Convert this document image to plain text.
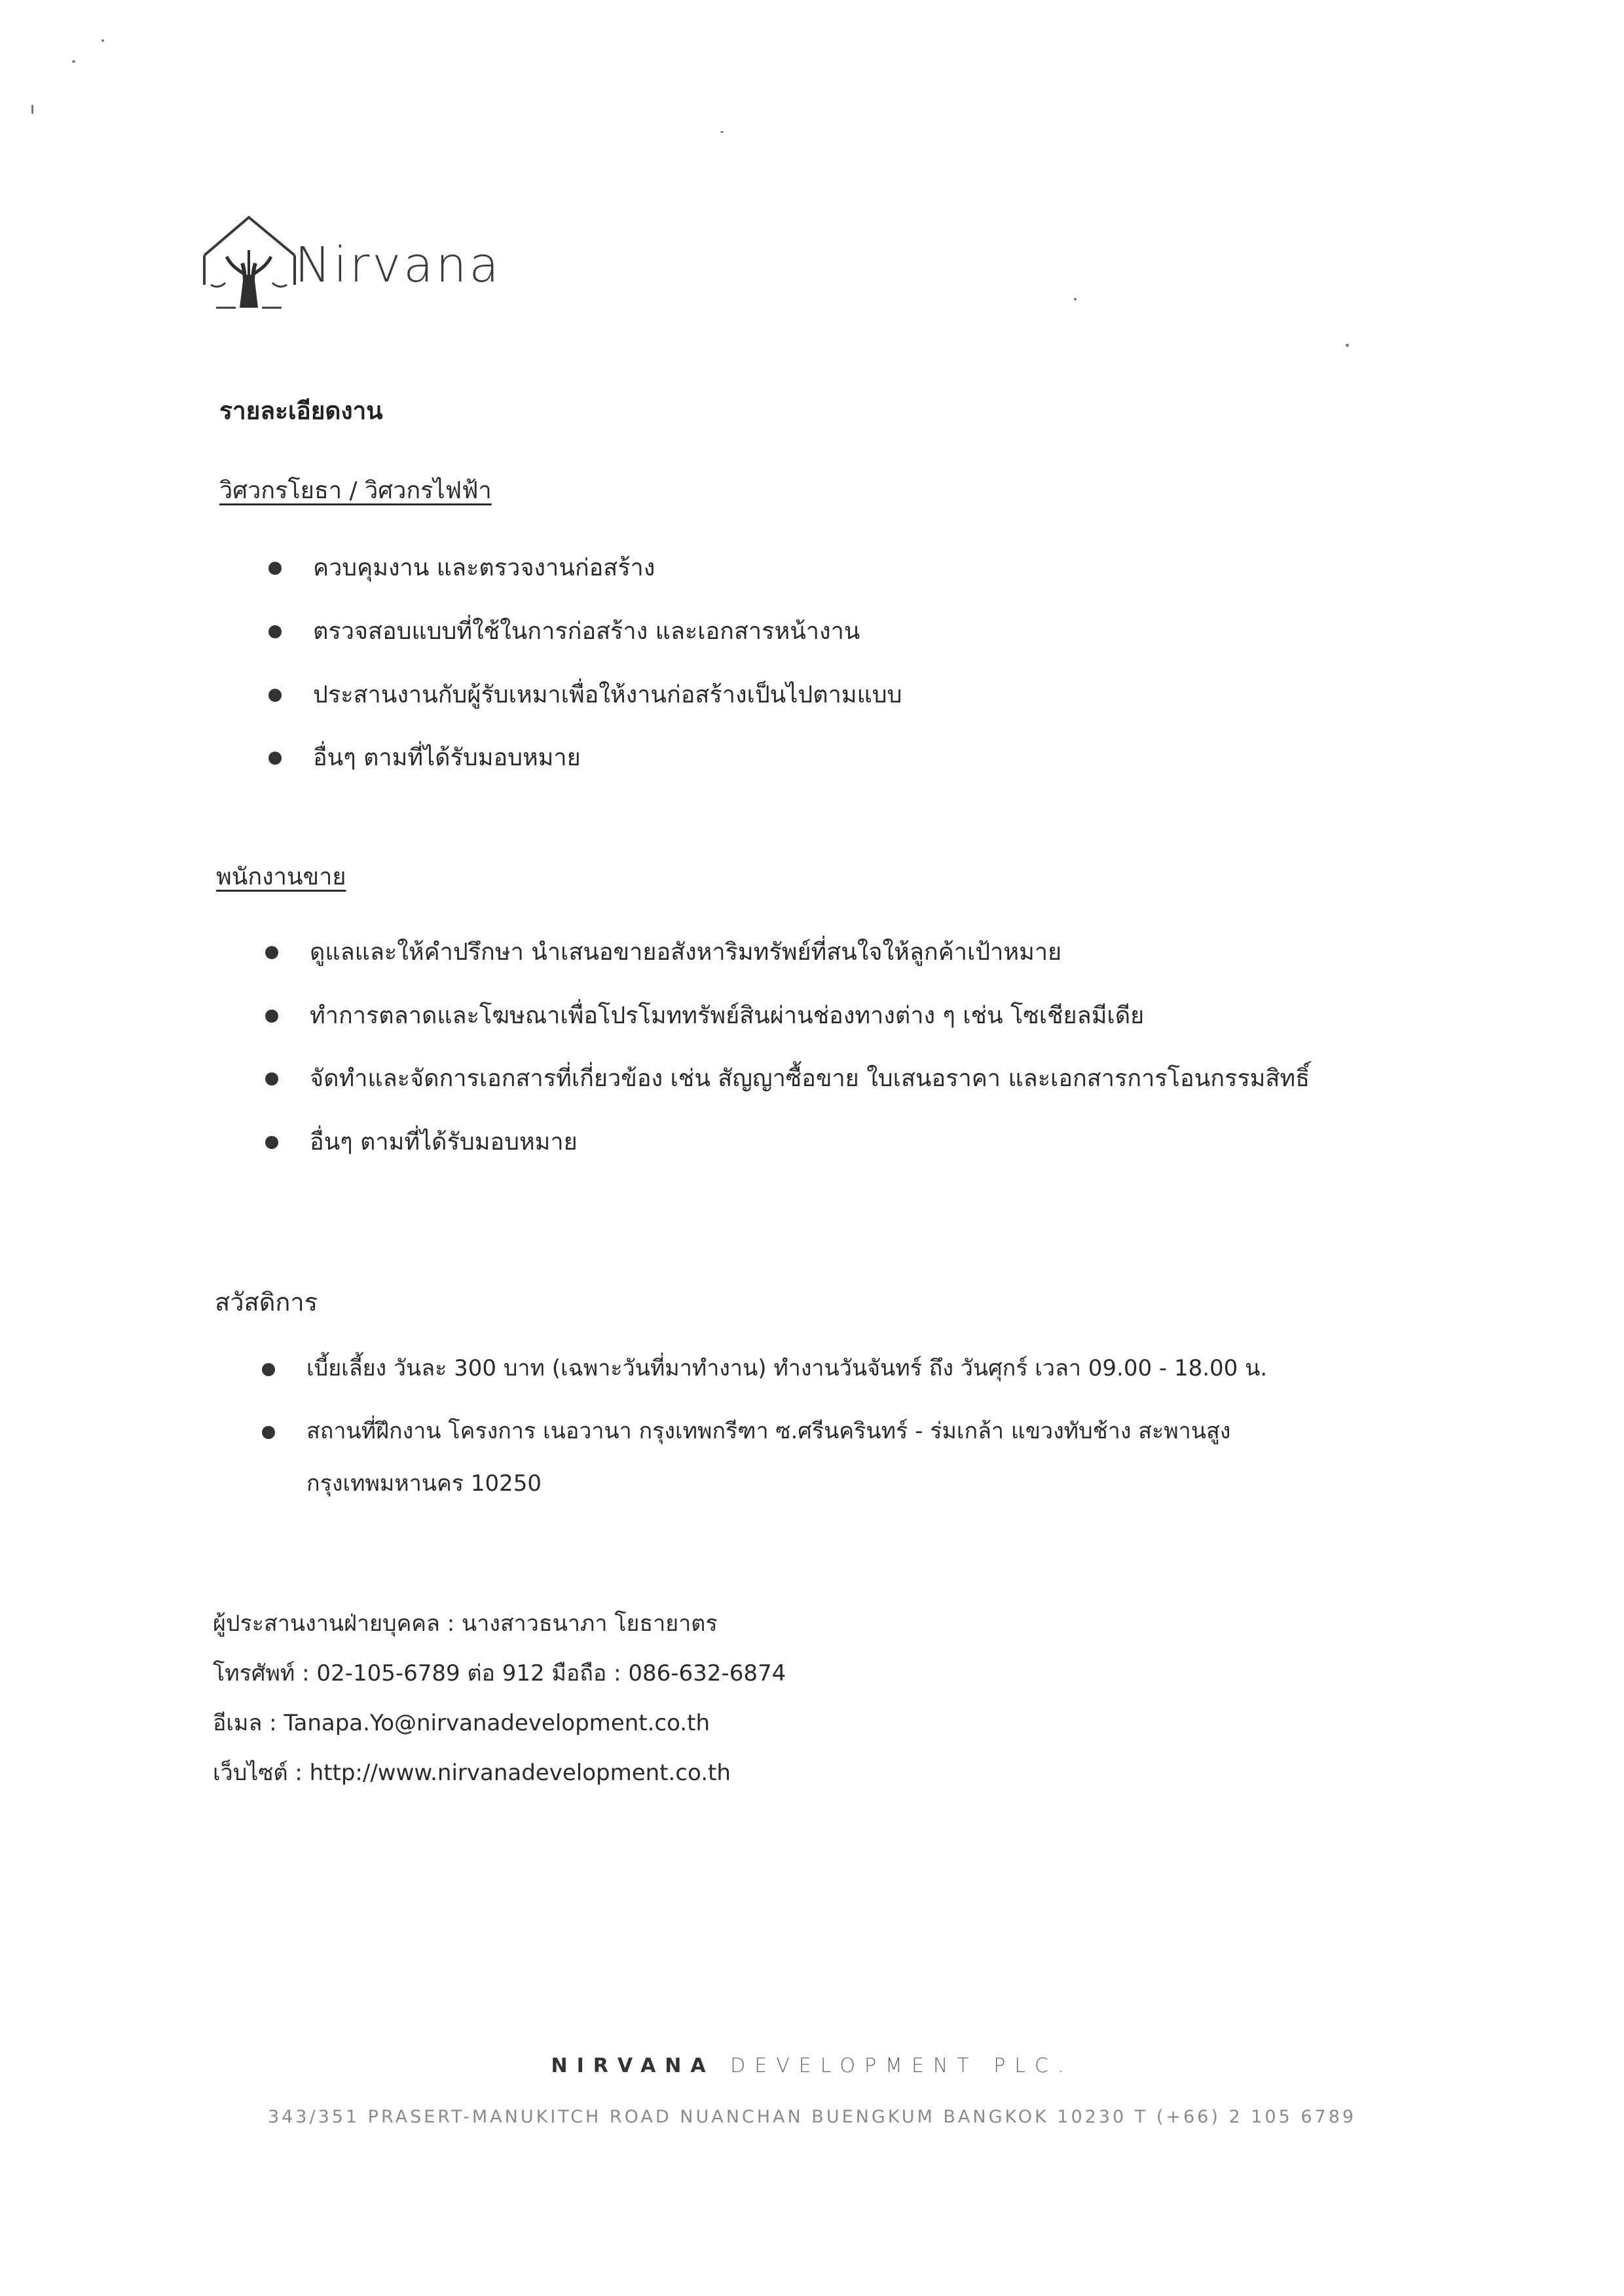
Nirvana
รายละเอียดงาน
วิศวกรโยธา / วิศวกรไฟฟ้า
ควบคุมงาน และตรวจงานก่อสร้าง
ตรวจสอบแบบที่ใช้ในการก่อสร้าง และเอกสารหน้างาน
ประสานงานกับผู้รับเหมาเพื่อให้งานก่อสร้างเป็นไปตามแบบ
อื่นๆ ตามที่ได้รับมอบหมาย
พนักงานขาย
ดูแลและให้คำปรึกษา นำเสนอขายอสังหาริมทรัพย์ที่สนใจให้ลูกค้าเป้าหมาย
ทำการตลาดและโฆษณาเพื่อโปรโมททรัพย์สินผ่านช่องทางต่าง ๆ เช่น โซเชียลมีเดีย
จัดทำและจัดการเอกสารที่เกี่ยวข้อง เช่น สัญญาซื้อขาย ใบเสนอราคา และเอกสารการโอนกรรมสิทธิ์
อื่นๆ ตามที่ได้รับมอบหมาย
สวัสดิการ
เบี้ยเลี้ยง วันละ 300 บาท (เฉพาะวันที่มาทำงาน) ทำงานวันจันทร์ ถึง วันศุกร์ เวลา 09.00 - 18.00 น.
สถานที่ฝึกงาน โครงการ เนอวานา กรุงเทพกรีฑา ซ.ศรีนครินทร์ - ร่มเกล้า แขวงทับช้าง สะพานสูง
กรุงเทพมหานคร 10250
ผู้ประสานงานฝ่ายบุคคล : นางสาวธนาภา โยธายาตร
โทรศัพท์ : 02-105-6789 ต่อ 912 มือถือ : 086-632-6874
อีเมล : Tanapa.Yo@nirvanadevelopment.co.th
เว็บไซต์ : http://www.nirvanadevelopment.co.th
NIRVANA DEVELOPMENT PLC.
343/351 PRASERT-MANUKITCH ROAD NUANCHAN BUENGKUM BANGKOK 10230 T (+66) 2 105 6789
